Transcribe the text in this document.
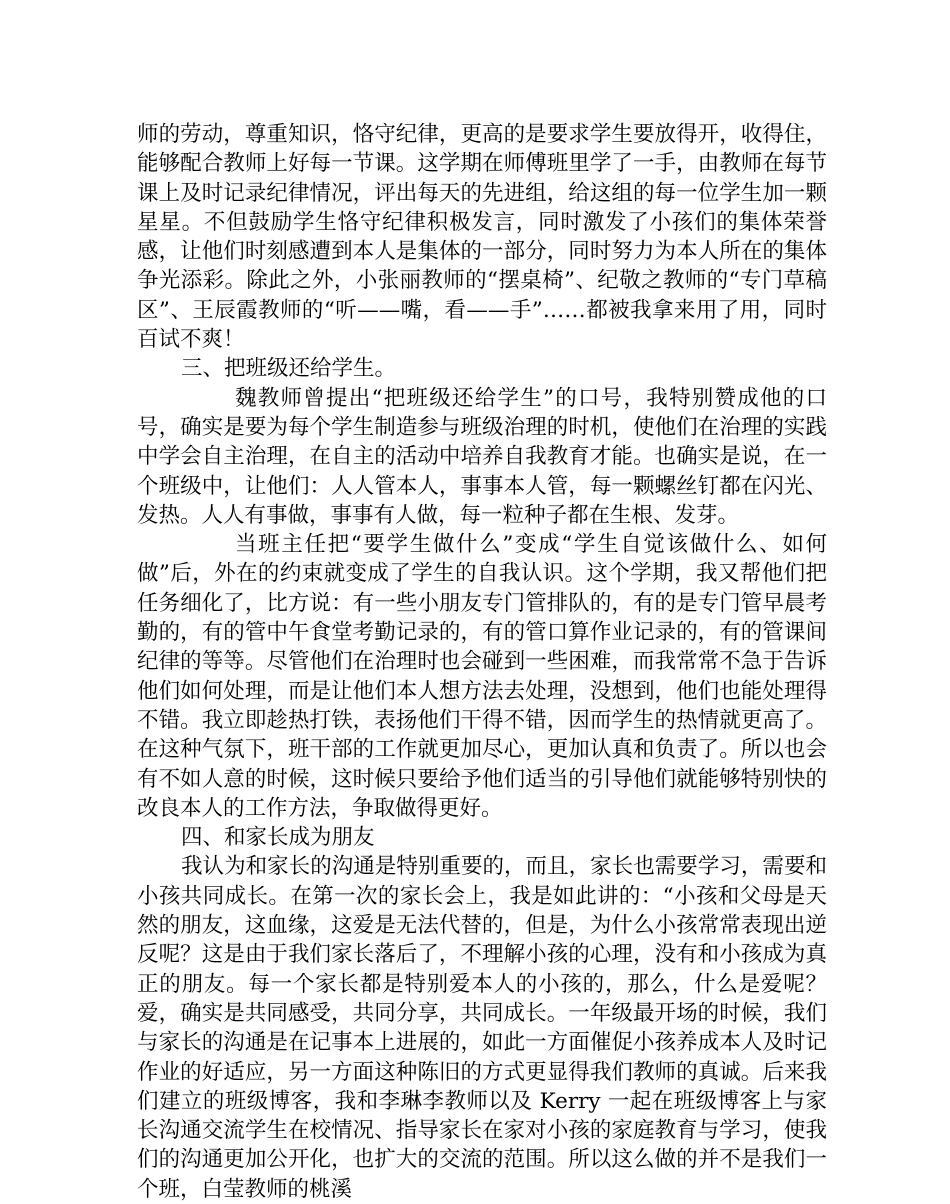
师的劳动，尊重知识，恪守纪律，更高的是要求学生要放得开，收得住，能够配合教师上好每一节课。这学期在师傅班里学了一手，由教师在每节课上及时记录纪律情况，评出每天的先进组，给这组的每一位学生加一颗星星。不但鼓励学生恪守纪律积极发言，同时激发了小孩们的集体荣誉感，让他们时刻感遭到本人是集体的一部分，同时努力为本人所在的集体争光添彩。除此之外，小张丽教师的“摆桌椅”、纪敬之教师的“专门草稿区”、王辰霞教师的“听——嘴，看——手”……都被我拿来用了用，同时百试不爽！

三、把班级还给学生。

魏教师曾提出“把班级还给学生”的口号，我特别赞成他的口号，确实是要为每个学生制造参与班级治理的时机，使他们在治理的实践中学会自主治理，在自主的活动中培养自我教育才能。也确实是说，在一个班级中，让他们：人人管本人，事事本人管，每一颗螺丝钉都在闪光、发热。人人有事做，事事有人做，每一粒种子都在生根、发芽。

当班主任把“要学生做什么”变成“学生自觉该做什么、如何做”后，外在的约束就变成了学生的自我认识。这个学期，我又帮他们把任务细化了，比方说：有一些小朋友专门管排队的，有的是专门管早晨考勤的，有的管中午食堂考勤记录的，有的管口算作业记录的，有的管课间纪律的等等。尽管他们在治理时也会碰到一些困难，而我常常不急于告诉他们如何处理，而是让他们本人想方法去处理，没想到，他们也能处理得不错。我立即趁热打铁，表扬他们干得不错，因而学生的热情就更高了。在这种气氛下，班干部的工作就更加尽心，更加认真和负责了。所以也会有不如人意的时候，这时候只要给予他们适当的引导他们就能够特别快的改良本人的工作方法，争取做得更好。

四、和家长成为朋友

我认为和家长的沟通是特别重要的，而且，家长也需要学习，需要和小孩共同成长。在第一次的家长会上，我是如此讲的：“小孩和父母是天然的朋友，这血缘，这爱是无法代替的，但是，为什么小孩常常表现出逆反呢？这是由于我们家长落后了，不理解小孩的心理，没有和小孩成为真正的朋友。每一个家长都是特别爱本人的小孩的，那么，什么是爱呢？爱，确实是共同感受，共同分享，共同成长。一年级最开场的时候，我们与家长的沟通是在记事本上进展的，如此一方面催促小孩养成本人及时记作业的好适应，另一方面这种陈旧的方式更显得我们教师的真诚。后来我们建立的班级博客，我和李琳李教师以及 Kerry 一起在班级博客上与家长沟通交流学生在校情况、指导家长在家对小孩的家庭教育与学习，使我们的沟通更加公开化，也扩大的交流的范围。所以这么做的并不是我们一个班，白莹教师的桃溪
